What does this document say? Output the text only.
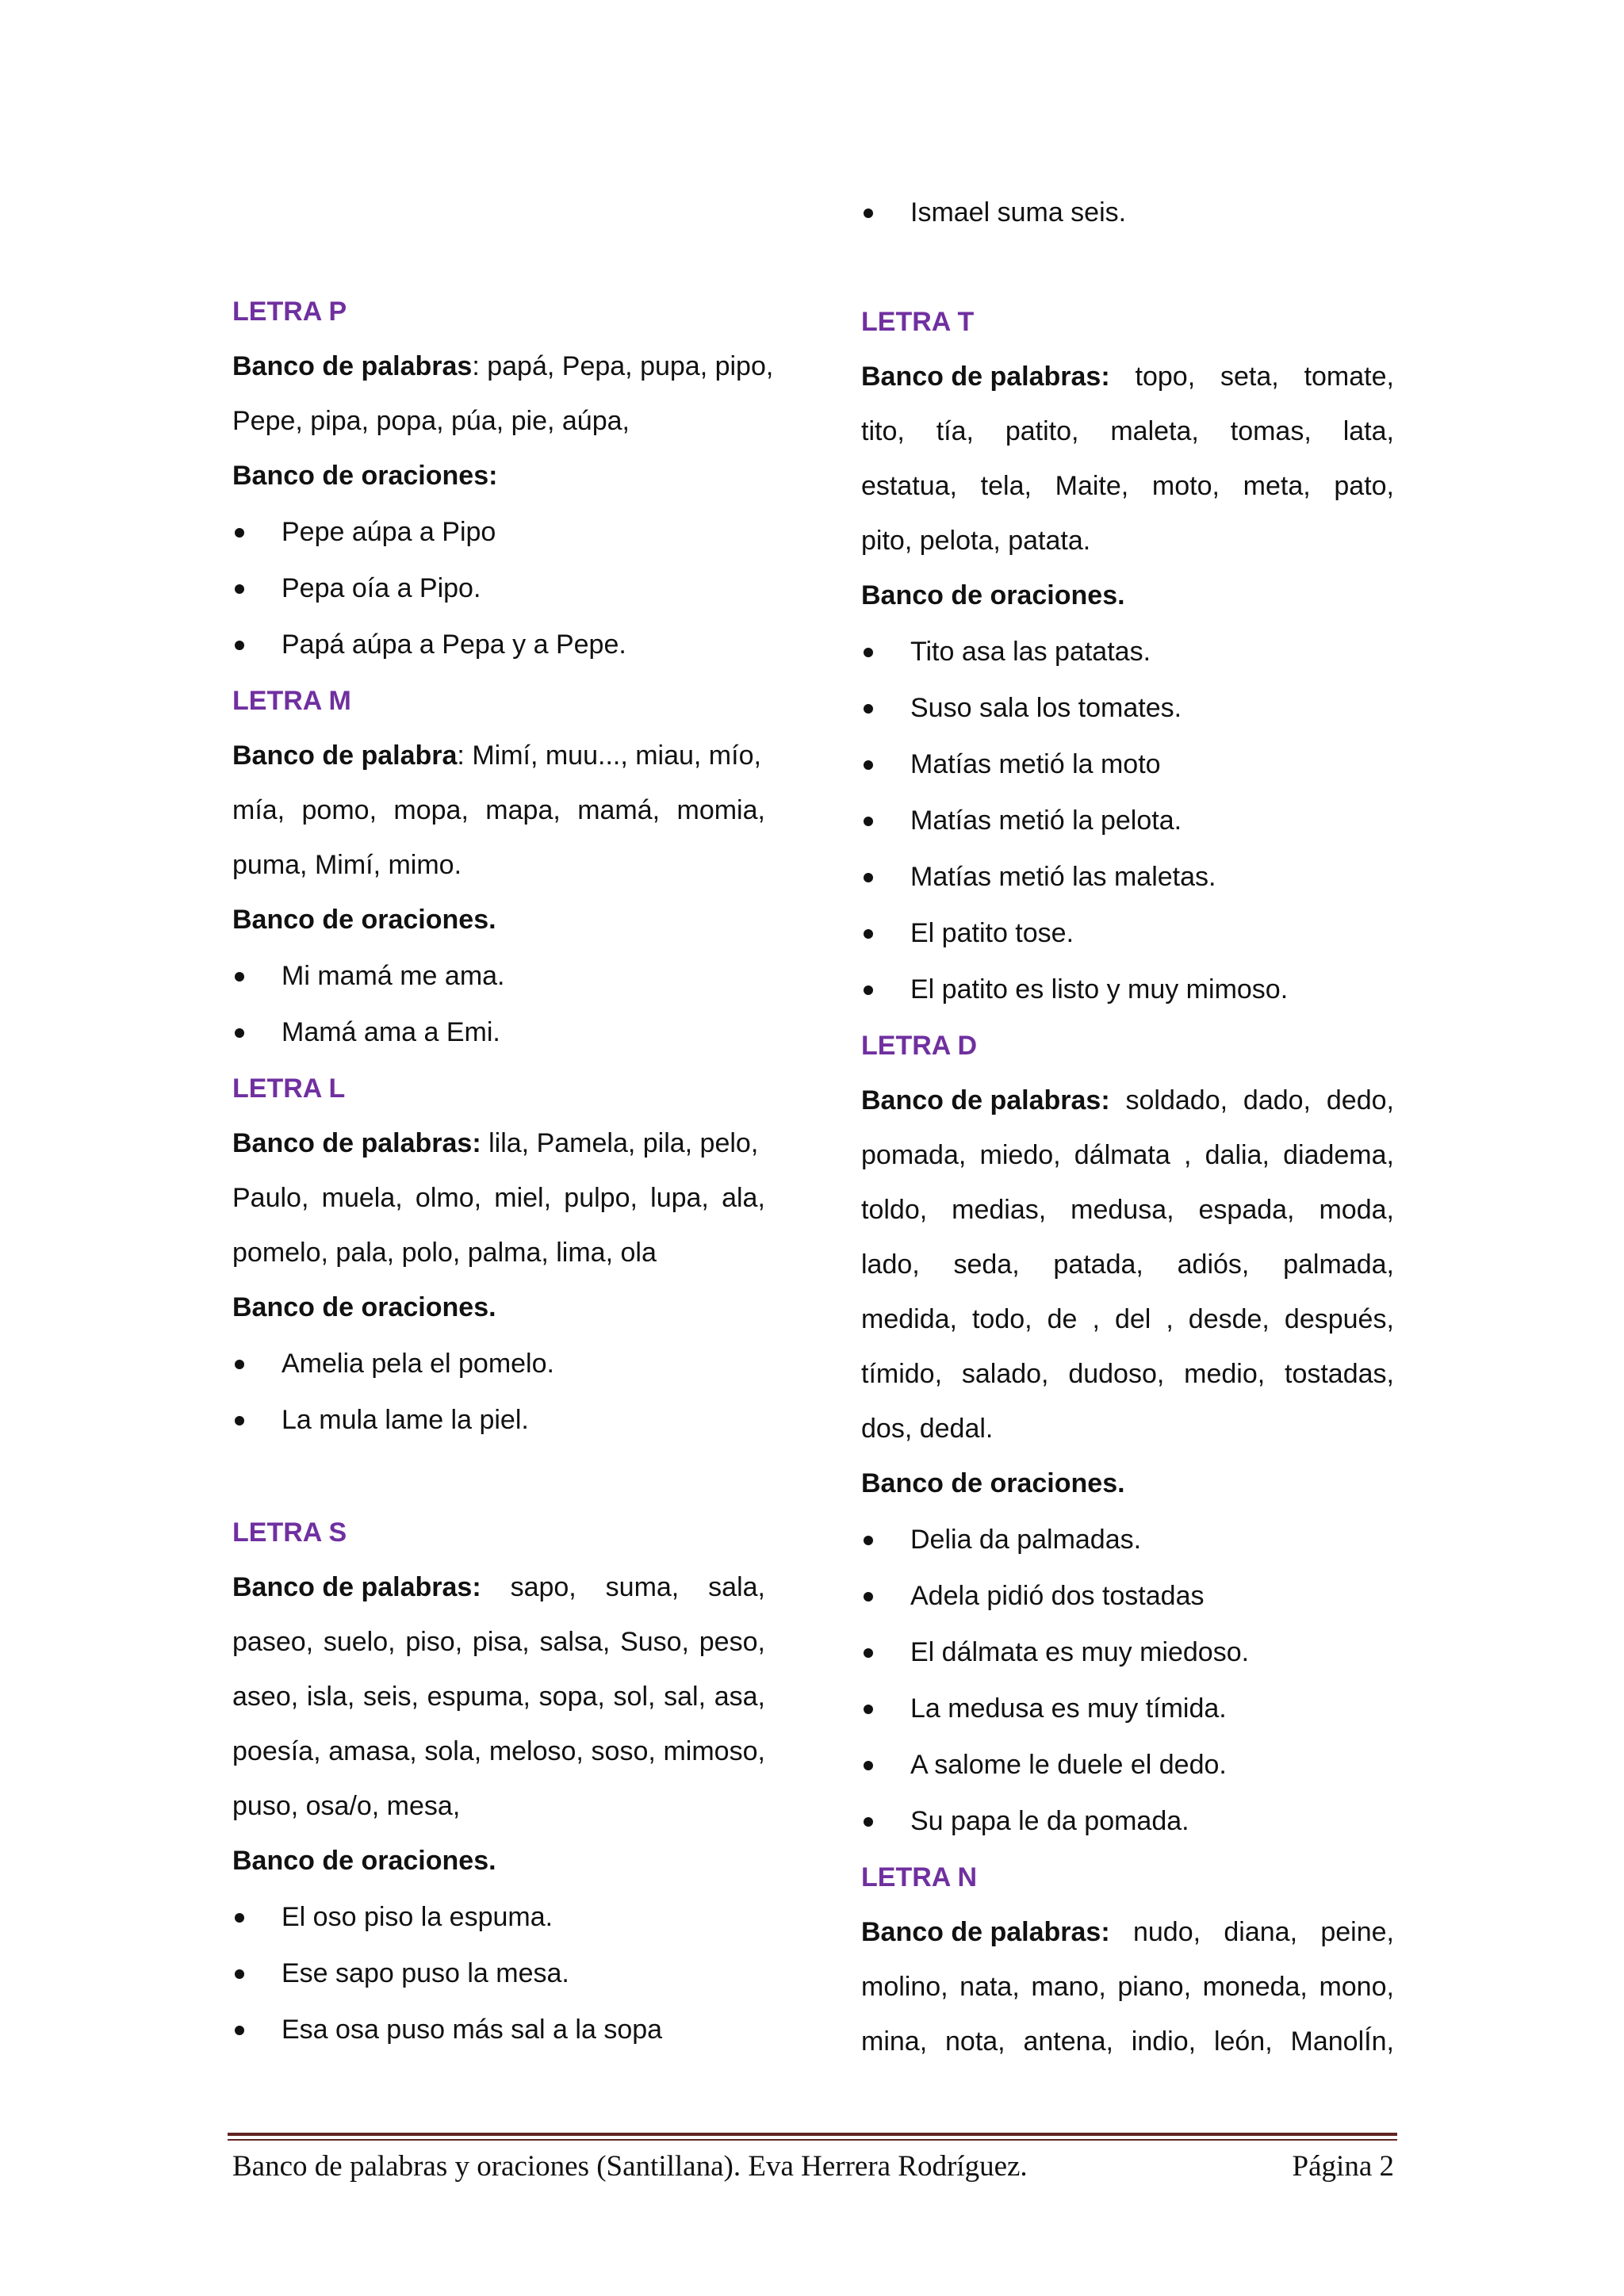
LETRA P
Banco de palabras: papá, Pepa, pupa, pipo,
Pepe, pipa, popa, púa, pie, aúpa,
Banco de oraciones:
Pepe aúpa a Pipo
Pepa oía a Pipo.
Papá aúpa a Pepa y a Pepe.
LETRA M
Banco de palabra: Mimí, muu..., miau, mío,
mía, pomo, mopa, mapa, mamá, momia,
puma, Mimí, mimo.
Banco de oraciones.
Mi mamá me ama.
Mamá ama a Emi.
LETRA L
Banco de palabras: lila, Pamela, pila, pelo,
Paulo, muela, olmo, miel, pulpo, lupa, ala,
pomelo, pala, polo, palma, lima, ola
Banco de oraciones.
Amelia pela el pomelo.
La mula lame la piel.
LETRA S
Banco de palabras: sapo, suma, sala,
paseo, suelo, piso, pisa, salsa, Suso, peso,
aseo, isla, seis, espuma, sopa, sol, sal, asa,
poesía, amasa, sola, meloso, soso, mimoso,
puso, osa/o, mesa,
Banco de oraciones.
El oso piso la espuma.
Ese sapo puso la mesa.
Esa osa puso más sal a la sopa
Ismael suma seis.
LETRA T
Banco de palabras: topo, seta, tomate,
tito, tía, patito, maleta, tomas, lata,
estatua, tela, Maite, moto, meta, pato,
pito, pelota, patata.
Banco de oraciones.
Tito asa las patatas.
Suso sala los tomates.
Matías metió la moto
Matías metió la pelota.
Matías metió las maletas.
El patito tose.
El patito es listo y muy mimoso.
LETRA D
Banco de palabras: soldado, dado, dedo,
pomada, miedo, dálmata , dalia, diadema,
toldo, medias, medusa, espada, moda,
lado, seda, patada, adiós, palmada,
medida, todo, de , del , desde, después,
tímido, salado, dudoso, medio, tostadas,
dos, dedal.
Banco de oraciones.
Delia da palmadas.
Adela pidió dos tostadas
El dálmata es muy miedoso.
La medusa es muy tímida.
A salome le duele el dedo.
Su papa le da pomada.
LETRA N
Banco de palabras: nudo, diana, peine,
molino, nata, mano, piano, moneda, mono,
mina, nota, antena, indio, león, ManolÍn,
Banco de palabras y oraciones (Santillana). Eva Herrera Rodríguez.	Página 2
